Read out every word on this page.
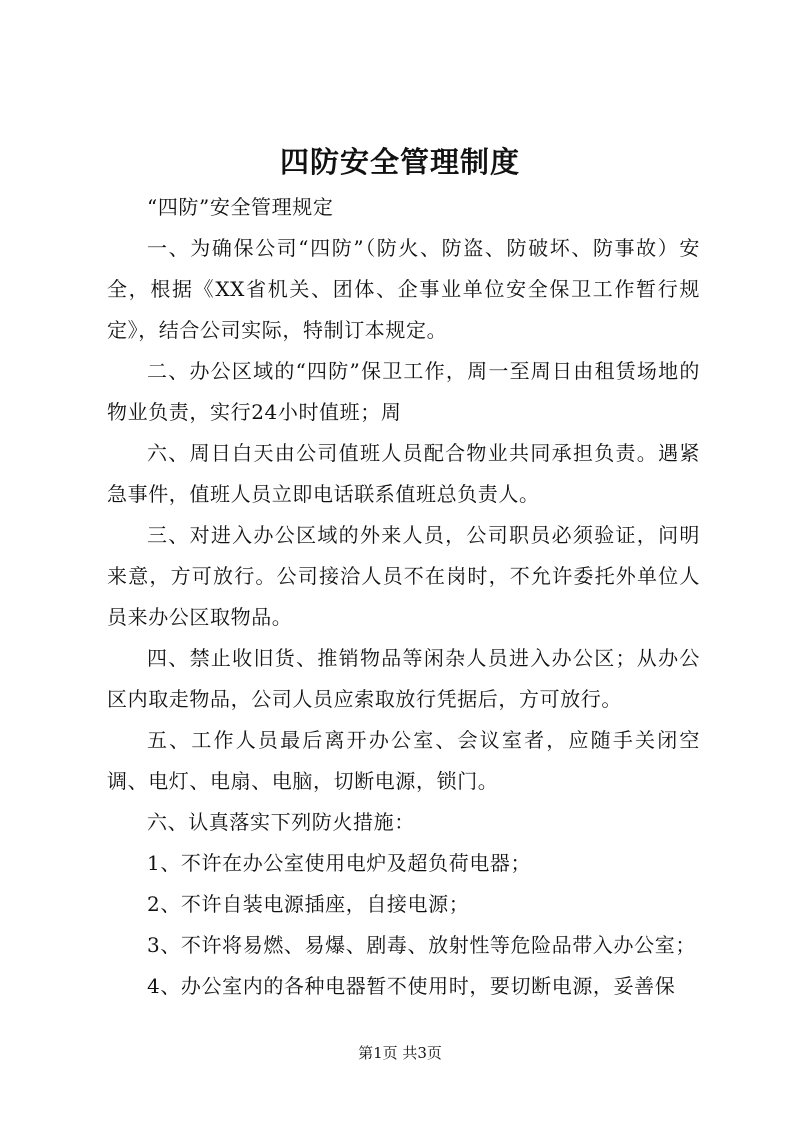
四防安全管理制度

“四防”安全管理规定

一、为确保公司“四防”（防火、防盗、防破坏、防事故）安全，根据《XX省机关、团体、企事业单位安全保卫工作暂行规定》，结合公司实际，特制订本规定。

二、办公区域的“四防”保卫工作，周一至周日由租赁场地的物业负责，实行24小时值班；周

六、周日白天由公司值班人员配合物业共同承担负责。遇紧急事件，值班人员立即电话联系值班总负责人。

三、对进入办公区域的外来人员，公司职员必须验证，问明来意，方可放行。公司接洽人员不在岗时，不允许委托外单位人员来办公区取物品。

四、禁止收旧货、推销物品等闲杂人员进入办公区；从办公区内取走物品，公司人员应索取放行凭据后，方可放行。

五、工作人员最后离开办公室、会议室者，应随手关闭空调、电灯、电扇、电脑，切断电源，锁门。

六、认真落实下列防火措施：

1、不许在办公室使用电炉及超负荷电器；

2、不许自装电源插座，自接电源；

3、不许将易燃、易爆、剧毒、放射性等危险品带入办公室；

4、办公室内的各种电器暂不使用时，要切断电源，妥善保

第1页 共3页
